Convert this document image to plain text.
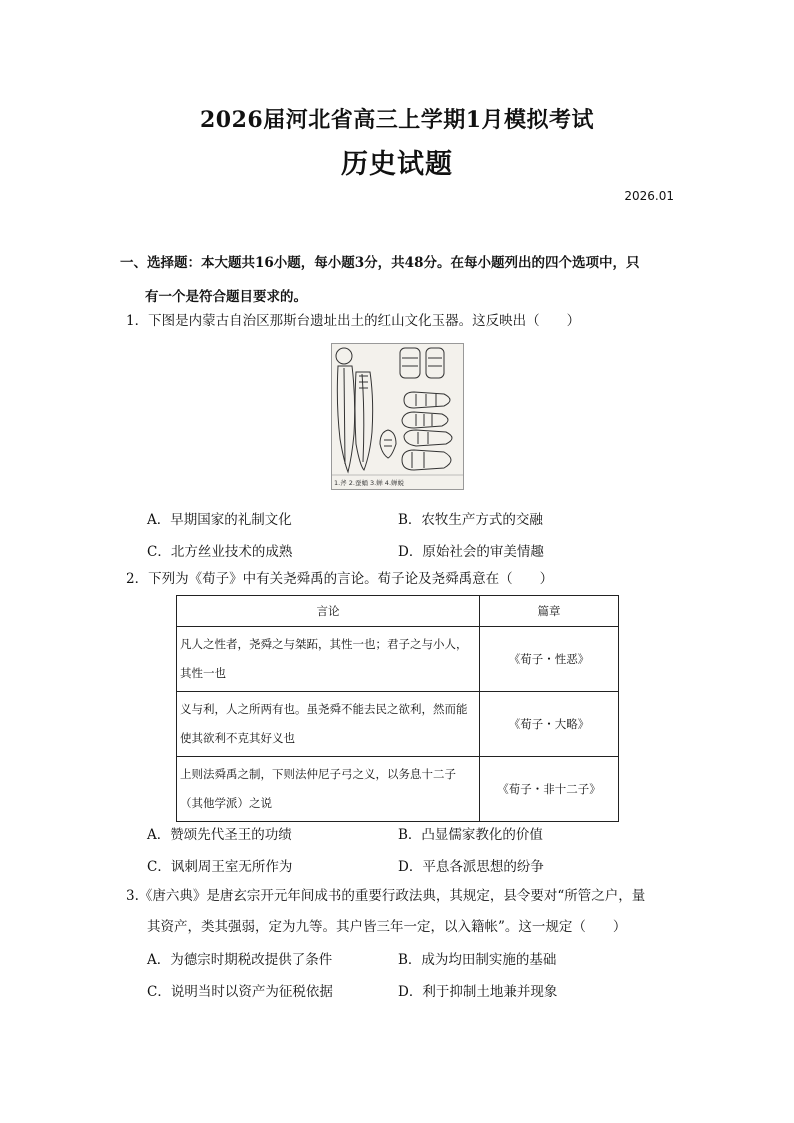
2026届河北省高三上学期1月模拟考试
历史试题
2026.01
一、选择题：本大题共16小题，每小题3分，共48分。在每小题列出的四个选项中，只
有一个是符合题目要求的。
1．下图是内蒙古自治区那斯台遗址出土的红山文化玉器。这反映出（　　）
1.斧 2.蚕蛹 3.蝉 4.蝉蜕
A．早期国家的礼制文化	B．农牧生产方式的交融
C．北方丝业技术的成熟	D．原始社会的审美情趣
2．下列为《荀子》中有关尧舜禹的言论。荀子论及尧舜禹意在（　　）
言论	篇章
凡人之性者，尧舜之与桀跖，其性一也；君子之与小人，其性一也	《荀子・性恶》
义与利，人之所两有也。虽尧舜不能去民之欲利，然而能使其欲利不克其好义也	《荀子・大略》
上则法舜禹之制，下则法仲尼子弓之义，以务息十二子（其他学派）之说	《荀子・非十二子》
A．赞颂先代圣王的功绩	B．凸显儒家教化的价值
C．讽刺周王室无所作为	D．平息各派思想的纷争
3.《唐六典》是唐玄宗开元年间成书的重要行政法典，其规定，县令要对“所管之户，量
其资产，类其强弱，定为九等。其户皆三年一定，以入籍帐”。这一规定（　　）
A．为德宗时期税改提供了条件	B．成为均田制实施的基础
C．说明当时以资产为征税依据	D．利于抑制土地兼并现象
